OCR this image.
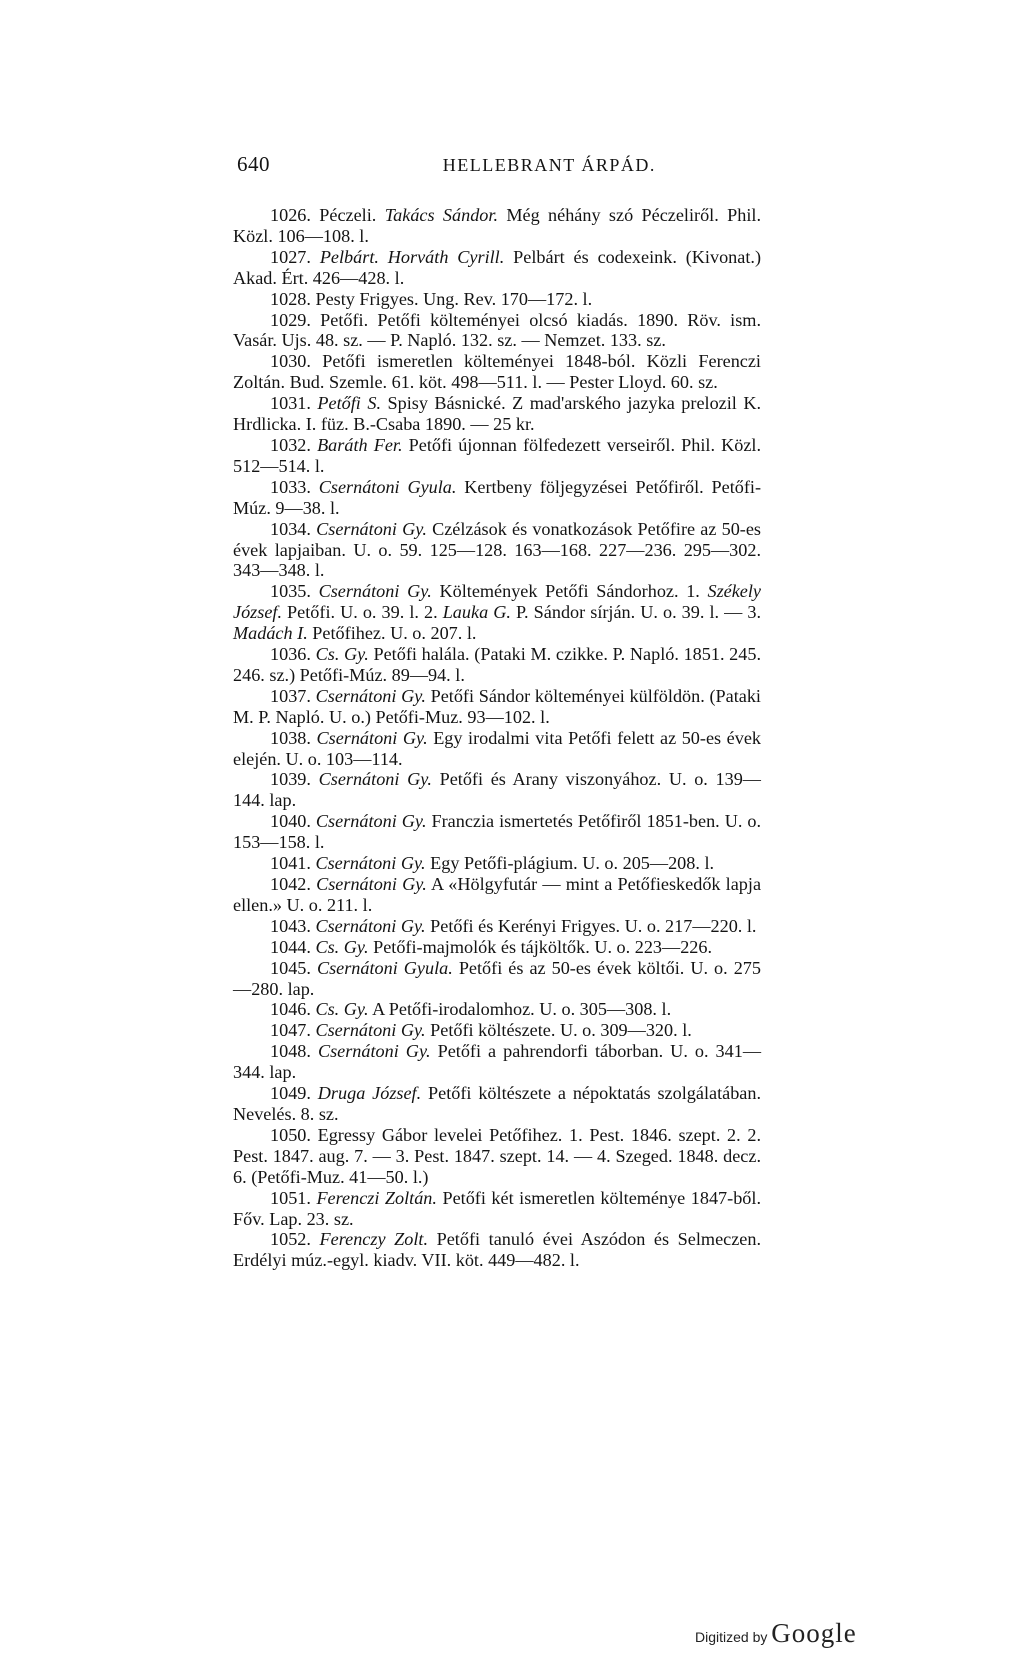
640	HELLEBRANT ÁRPÁD.

1026. Péczeli. Takács Sándor. Még néhány szó Péczeliről. Phil. Közl. 106—108. l.

1027. Pelbárt. Horváth Cyrill. Pelbárt és codexeink. (Kivonat.) Akad. Ért. 426—428. l.

1028. Pesty Frigyes. Ung. Rev. 170—172. l.

1029. Petőfi. Petőfi költeményei olcsó kiadás. 1890. Röv. ism. Vasár. Ujs. 48. sz. — P. Napló. 132. sz. — Nemzet. 133. sz.

1030. Petőfi ismeretlen költeményei 1848-ból. Közli Ferenczi Zoltán. Bud. Szemle. 61. köt. 498—511. l. — Pester Lloyd. 60. sz.

1031. Petőfi S. Spisy Básnické. Z mad'arského jazyka prelozil K. Hrdlicka. I. füz. B.-Csaba 1890. — 25 kr.

1032. Baráth Fer. Petőfi újonnan fölfedezett verseiről. Phil. Közl. 512—514. l.

1033. Csernátoni Gyula. Kertbeny följegyzései Petőfiről. Petőfi-Múz. 9—38. l.

1034. Csernátoni Gy. Czélzások és vonatkozások Petőfire az 50-es évek lapjaiban. U. o. 59. 125—128. 163—168. 227—236. 295—302. 343—348. l.

1035. Csernátoni Gy. Költemények Petőfi Sándorhoz. 1. Székely József. Petőfi. U. o. 39. l. 2. Lauka G. P. Sándor sírján. U. o. 39. l. — 3. Madách I. Petőfihez. U. o. 207. l.

1036. Cs. Gy. Petőfi halála. (Pataki M. czikke. P. Napló. 1851. 245. 246. sz.) Petőfi-Múz. 89—94. l.

1037. Csernátoni Gy. Petőfi Sándor költeményei külföldön. (Pataki M. P. Napló. U. o.) Petőfi-Muz. 93—102. l.

1038. Csernátoni Gy. Egy irodalmi vita Petőfi felett az 50-es évek elején. U. o. 103—114.

1039. Csernátoni Gy. Petőfi és Arany viszonyához. U. o. 139—144. lap.

1040. Csernátoni Gy. Franczia ismertetés Petőfiről 1851-ben. U. o. 153—158. l.

1041. Csernátoni Gy. Egy Petőfi-plágium. U. o. 205—208. l.

1042. Csernátoni Gy. A «Hölgyfutár — mint a Petőfieskedők lapja ellen.» U. o. 211. l.

1043. Csernátoni Gy. Petőfi és Kerényi Frigyes. U. o. 217—220. l.

1044. Cs. Gy. Petőfi-majmolók és tájköltők. U. o. 223—226.

1045. Csernátoni Gyula. Petőfi és az 50-es évek költői. U. o. 275—280. lap.

1046. Cs. Gy. A Petőfi-irodalomhoz. U. o. 305—308. l.

1047. Csernátoni Gy. Petőfi költészete. U. o. 309—320. l.

1048. Csernátoni Gy. Petőfi a pahrendorfi táborban. U. o. 341—344. lap.

1049. Druga József. Petőfi költészete a népoktatás szolgálatában. Nevelés. 8. sz.

1050. Egressy Gábor levelei Petőfihez. 1. Pest. 1846. szept. 2. 2. Pest. 1847. aug. 7. — 3. Pest. 1847. szept. 14. — 4. Szeged. 1848. decz. 6. (Petőfi-Muz. 41—50. l.)

1051. Ferenczi Zoltán. Petőfi két ismeretlen költeménye 1847-ből. Főv. Lap. 23. sz.

1052. Ferenczy Zolt. Petőfi tanuló évei Aszódon és Selmeczen. Erdélyi múz.-egyl. kiadv. VII. köt. 449—482. l.

Digitized by Google
